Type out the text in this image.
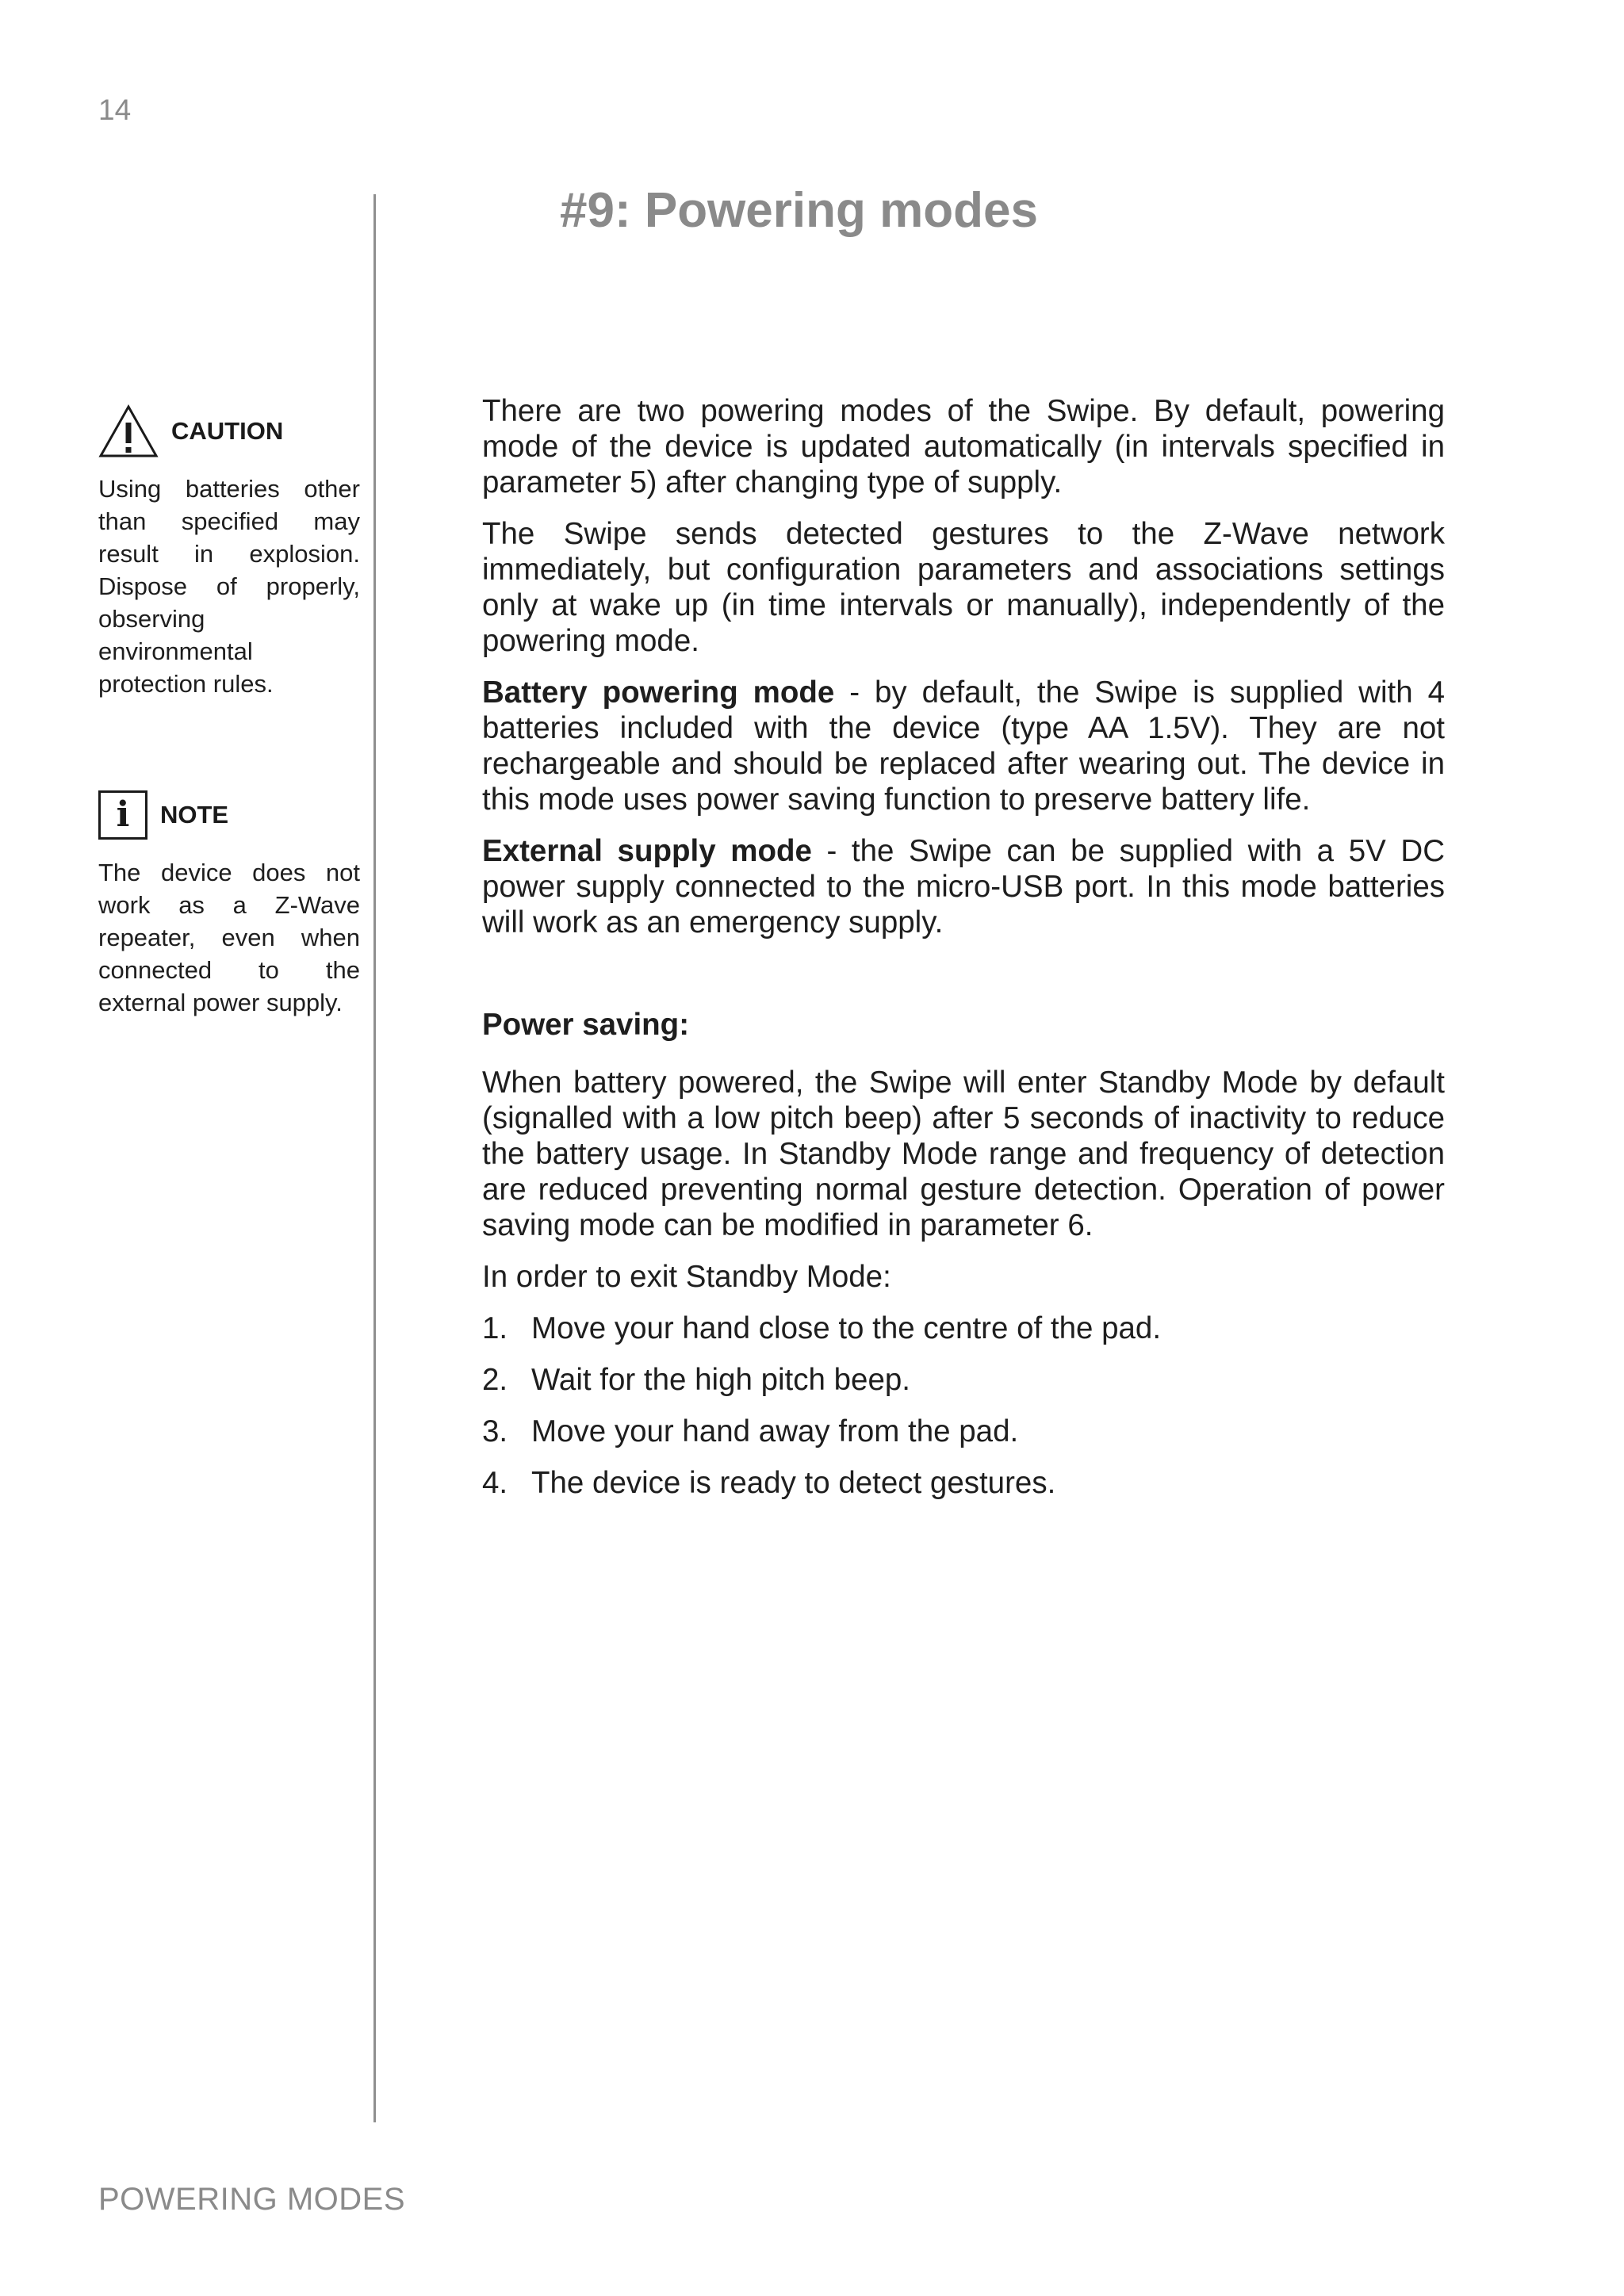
14
#9: Powering modes
CAUTION

Using batteries other than specified may result in explosion. Dispose of properly, observing environmental protection rules.

i	NOTE

The device does not work as a Z-Wave repeater, even when connected to the external power supply.

There are two powering modes of the Swipe. By default, powering mode of the device is updated automatically (in intervals specified in parameter 5) after changing type of supply.

The Swipe sends detected gestures to the Z-Wave network immediately, but configuration parameters and associations settings only at wake up (in time intervals or manually), independently of the powering mode.

Battery powering mode - by default, the Swipe is supplied with 4 batteries included with the device (type AA 1.5V). They are not rechargeable and should be replaced after wearing out. The device in this mode uses power saving function to preserve battery life.

External supply mode - the Swipe can be supplied with a 5V DC power supply connected to the micro-USB port. In this mode batteries will work as an emergency supply.

Power saving:

When battery powered, the Swipe will enter Standby Mode by default (signalled with a low pitch beep) after 5 seconds of inactivity to reduce the battery usage. In Standby Mode range and frequency of detection are reduced preventing normal gesture detection. Operation of power saving mode can be modified in parameter 6.

In order to exit Standby Mode:

1. Move your hand close to the centre of the pad.
2. Wait for the high pitch beep.
3. Move your hand away from the pad.
4. The device is ready to detect gestures.
POWERING MODES
